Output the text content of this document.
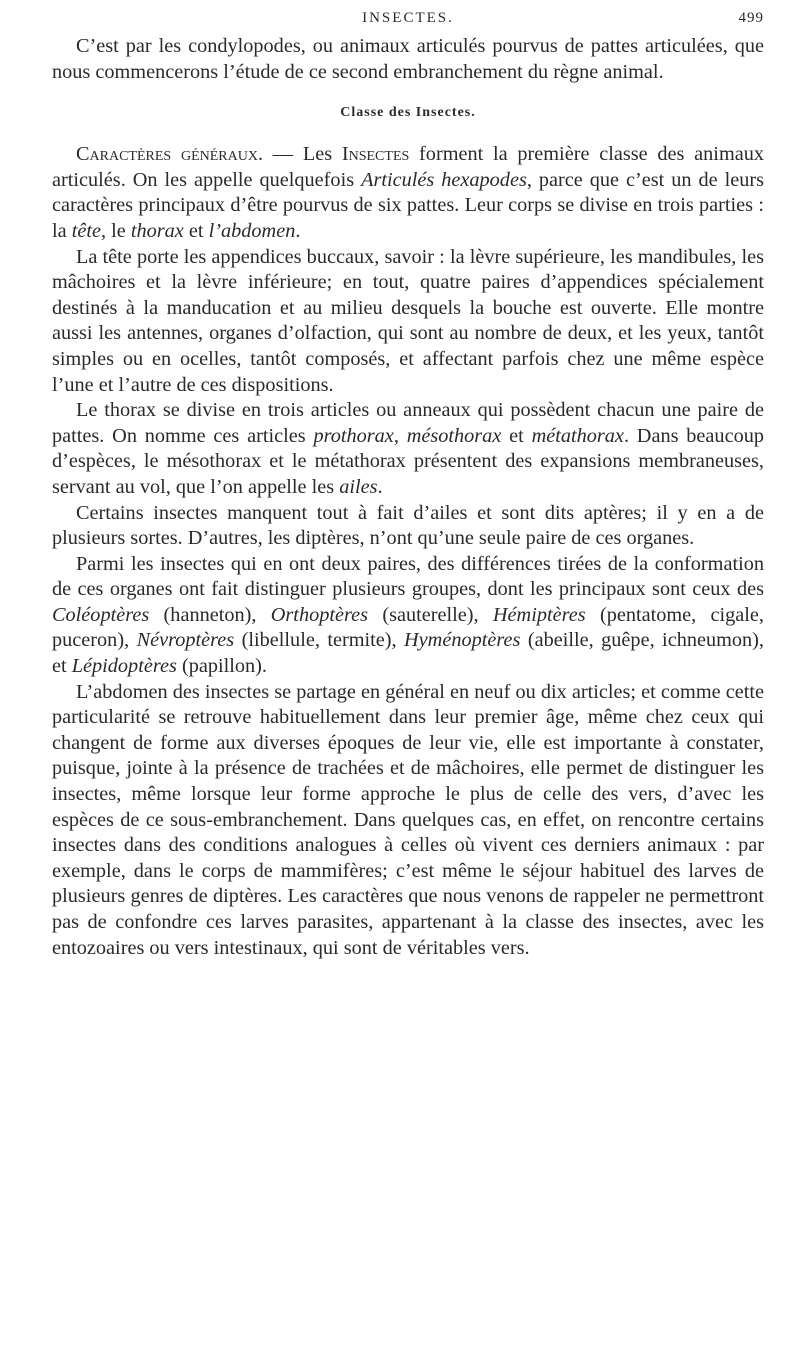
INSECTES.	499

C’est par les condylopodes, ou animaux articulés pourvus de pattes articulées, que nous commencerons l’étude de ce second embranchement du règne animal.

Classe des Insectes.

Caractères généraux. — Les Insectes forment la première classe des animaux articulés. On les appelle quelquefois Articulés hexapodes, parce que c’est un de leurs caractères principaux d’être pourvus de six pattes. Leur corps se divise en trois parties : la tête, le thorax et l’abdomen.

La tête porte les appendices buccaux, savoir : la lèvre supérieure, les mandibules, les mâchoires et la lèvre inférieure; en tout, quatre paires d’appendices spécialement destinés à la manducation et au milieu desquels la bouche est ouverte. Elle montre aussi les antennes, organes d’olfaction, qui sont au nombre de deux, et les yeux, tantôt simples ou en ocelles, tantôt composés, et affectant parfois chez une même espèce l’une et l’autre de ces dispositions.

Le thorax se divise en trois articles ou anneaux qui possèdent chacun une paire de pattes. On nomme ces articles prothorax, mésothorax et métathorax. Dans beaucoup d’espèces, le mésothorax et le métathorax présentent des expansions membraneuses, servant au vol, que l’on appelle les ailes.

Certains insectes manquent tout à fait d’ailes et sont dits aptères; il y en a de plusieurs sortes. D’autres, les diptères, n’ont qu’une seule paire de ces organes.

Parmi les insectes qui en ont deux paires, des différences tirées de la conformation de ces organes ont fait distinguer plusieurs groupes, dont les principaux sont ceux des Coléoptères (hanneton), Orthoptères (sauterelle), Hémiptères (pentatome, cigale, puceron), Névroptères (libellule, termite), Hyménoptères (abeille, guêpe, ichneumon), et Lépidoptères (papillon).

L’abdomen des insectes se partage en général en neuf ou dix articles; et comme cette particularité se retrouve habituellement dans leur premier âge, même chez ceux qui changent de forme aux diverses époques de leur vie, elle est importante à constater, puisque, jointe à la présence de trachées et de mâchoires, elle permet de distinguer les insectes, même lorsque leur forme approche le plus de celle des vers, d’avec les espèces de ce sous-embranchement. Dans quelques cas, en effet, on rencontre certains insectes dans des conditions analogues à celles où vivent ces derniers animaux : par exemple, dans le corps de mammifères; c’est même le séjour habituel des larves de plusieurs genres de diptères. Les caractères que nous venons de rappeler ne permettront pas de confondre ces larves parasites, appartenant à la classe des insectes, avec les entozoaires ou vers intestinaux, qui sont de véritables vers.
